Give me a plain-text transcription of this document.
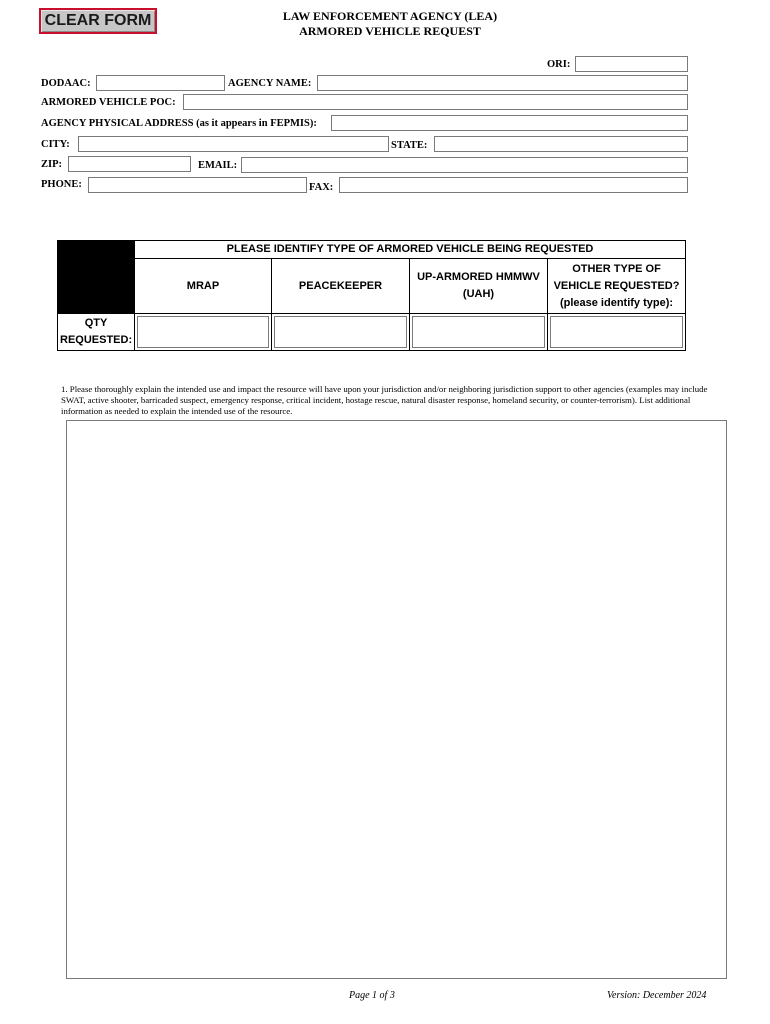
CLEAR FORM	LAW ENFORCEMENT AGENCY (LEA)
ARMORED VEHICLE REQUEST
ORI:
DODAAC:	AGENCY NAME:
ARMORED VEHICLE POC:
AGENCY PHYSICAL ADDRESS (as it appears in FEPMIS):
CITY:	STATE:
ZIP:	EMAIL:
PHONE:	FAX:
	PLEASE IDENTIFY TYPE OF ARMORED VEHICLE BEING REQUESTED			
	MRAP	PEACEKEEPER	UP-ARMORED HMMWV (UAH)	OTHER TYPE OF VEHICLE REQUESTED? (please identify type):
QTY REQUESTED:				
1. Please thoroughly explain the intended use and impact the resource will have upon your jurisdiction and/or neighboring jurisdiction support to other agencies (examples may include SWAT, active shooter, barricaded suspect, emergency response, critical incident, hostage rescue, natural disaster response, homeland security, or counter-terrorism). List additional information as needed to explain the intended use of the resource.
Page 1 of 3	Version: December 2024
